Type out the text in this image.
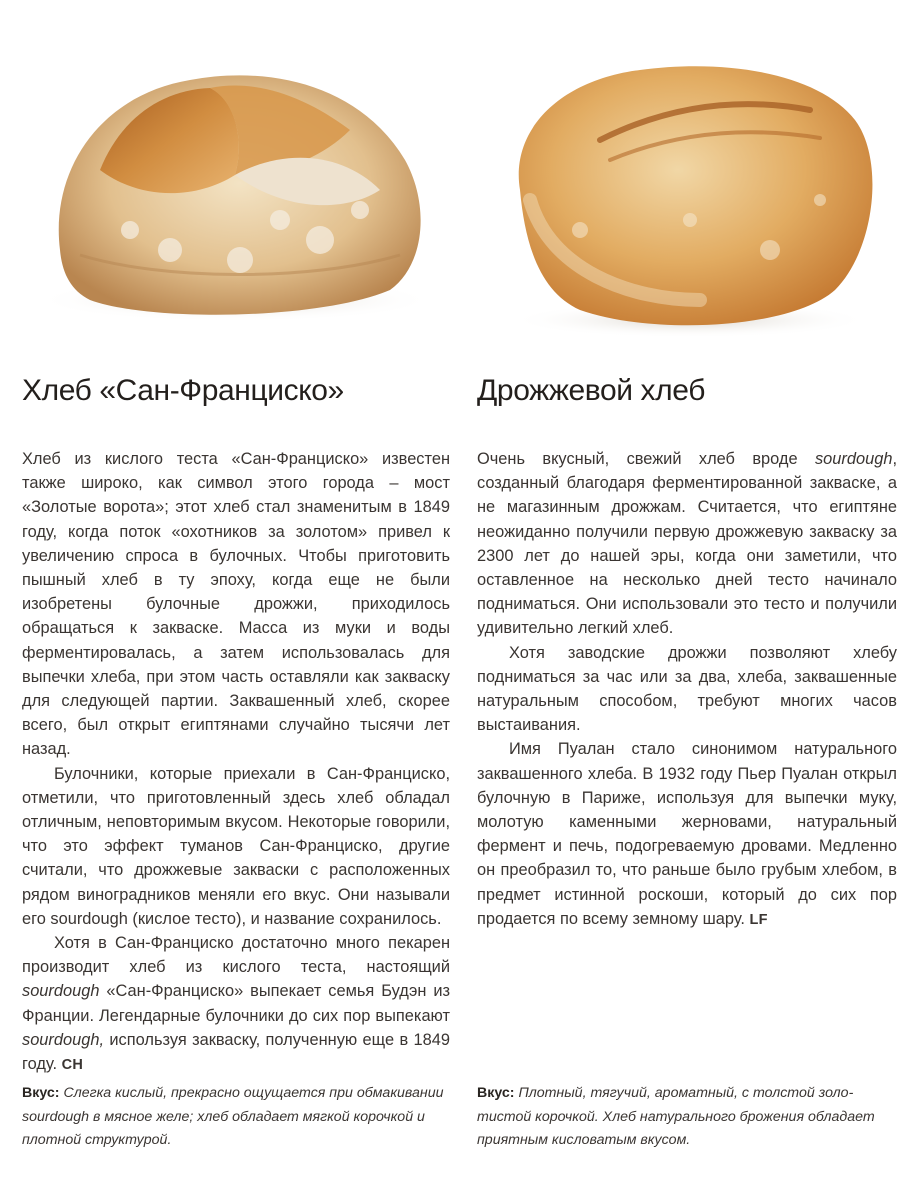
Хлеб «Сан-Франциско»	Дрожжевой хлеб

Хлеб из кислого теста «Сан-Франциско» известен также широко, как символ этого города – мост «Золотые ворота»; этот хлеб стал знаменитым в 1849 году, когда поток «охотников за золотом» привел к увеличению спроса в булочных. Чтобы приготовить пышный хлеб в ту эпоху, когда еще не были изобретены булочные дрожжи, приходилось обращаться к закваске. Масса из муки и воды ферментировалась, а затем использовалась для выпечки хлеба, при этом часть оставляли как закваску для следующей партии. Заквашенный хлеб, скорее всего, был открыт египтянами случайно тысячи лет назад.

Булочники, которые приехали в Сан-Франциско, отметили, что приготовленный здесь хлеб обладал отличным, неповторимым вкусом. Некоторые говорили, что это эффект туманов Сан-Франциско, другие считали, что дрожжевые закваски с расположенных рядом виноградников меняли его вкус. Они называли его sourdough (кислое тесто), и название сохранилось.

Хотя в Сан-Франциско достаточно много пекарен производит хлеб из кислого теста, настоящий sourdough «Сан-Франциско» выпекает семья Будэн из Франции. Легендарные булочники до сих пор выпекают sourdough, используя закваску, полученную еще в 1849 году. CH

Очень вкусный, свежий хлеб вроде sourdough, созданный благодаря ферментированной закваске, а не магазинным дрожжам. Считается, что египтяне неожиданно получили первую дрожжевую закваску за 2300 лет до нашей эры, когда они заметили, что оставленное на несколько дней тесто начинало подниматься. Они использовали это тесто и получили удивительно легкий хлеб.

Хотя заводские дрожжи позволяют хлебу подниматься за час или за два, хлеба, заквашенные натуральным способом, требуют многих часов выстаивания.

Имя Пуалан стало синонимом натурального заквашенного хлеба. В 1932 году Пьер Пуалан открыл булочную в Париже, используя для выпечки муку, молотую каменными жерновами, натуральный фермент и печь, подогреваемую дровами. Медленно он преобразил то, что раньше было грубым хлебом, в предмет истинной роскоши, который до сих пор продается по всему земному шару. LF

Вкус: Слегка кислый, прекрасно ощущается при обмакивании sourdough в мясное желе; хлеб обладает мягкой корочкой и плотной структурой.
Вкус: Плотный, тягучий, ароматный, с толстой золотистой корочкой. Хлеб натурального брожения обладает приятным кисловатым вкусом.
